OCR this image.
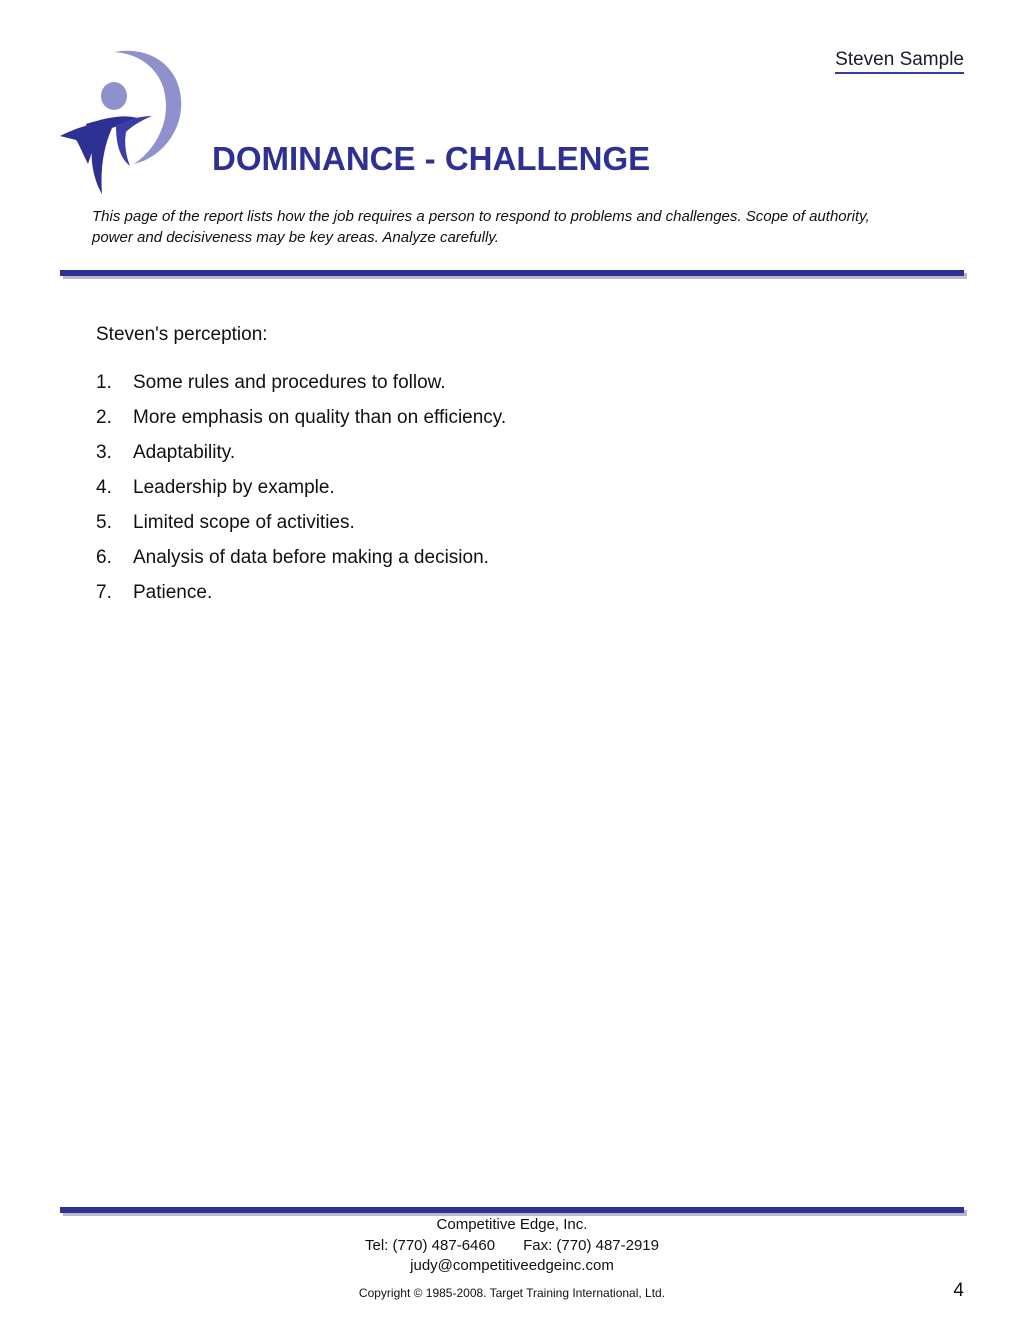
Steven Sample
DOMINANCE - CHALLENGE

This page of the report lists how the job requires a person to respond to problems and challenges. Scope of authority, power and decisiveness may be key areas. Analyze carefully.

Steven's perception:
1.	Some rules and procedures to follow.
2.	More emphasis on quality than on efficiency.
3.	Adaptability.
4.	Leadership by example.
5.	Limited scope of activities.
6.	Analysis of data before making a decision.
7.	Patience.
Competitive Edge, Inc.
Tel: (770) 487-6460 Fax: (770) 487-2919
judy@competitiveedgeinc.com
Copyright © 1985-2008. Target Training International, Ltd.	4
